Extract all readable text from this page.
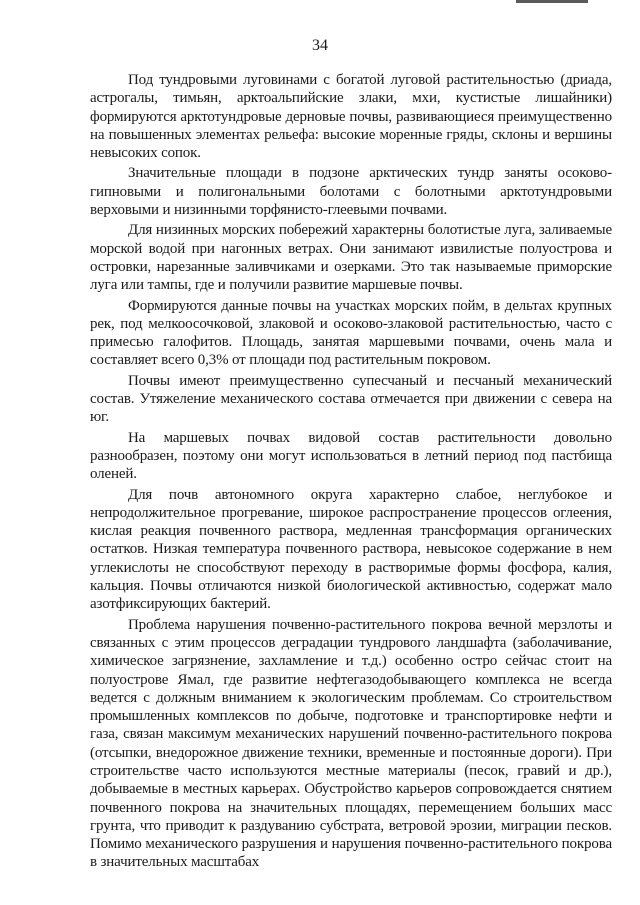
34

Под тундровыми луговинами с богатой луговой растительностью (дриада, астрогалы, тимьян, арктоальпийские злаки, мхи, кустистые лишайники) формируются арктотундровые дерновые почвы, развивающиеся преимущественно на повышенных элементах рельефа: высокие моренные гряды, склоны и вершины невысоких сопок.

Значительные площади в подзоне арктических тундр заняты осоково-гипновыми и полигональными болотами с болотными арктотундровыми верховыми и низинными торфянисто-глеевыми почвами.

Для низинных морских побережий характерны болотистые луга, заливаемые морской водой при нагонных ветрах. Они занимают извилистые полуострова и островки, нарезанные заливчиками и озерками. Это так называемые приморские луга или тампы, где и получили развитие маршевые почвы.

Формируются данные почвы на участках морских пойм, в дельтах крупных рек, под мелкоосочковой, злаковой и осоково-злаковой растительностью, часто с примесью галофитов. Площадь, занятая маршевыми почвами, очень мала и составляет всего 0,3% от площади под растительным покровом.

Почвы имеют преимущественно супесчаный и песчаный механический состав. Утяжеление механического состава отмечается при движении с севера на юг.

На маршевых почвах видовой состав растительности довольно разнообразен, поэтому они могут использоваться в летний период под пастбища оленей.

Для почв автономного округа характерно слабое, неглубокое и непродолжительное прогревание, широкое распространение процессов оглеения, кислая реакция почвенного раствора, медленная трансформация органических остатков. Низкая температура почвенного раствора, невысокое содержание в нем углекислоты не способствуют переходу в растворимые формы фосфора, калия, кальция. Почвы отличаются низкой биологической активностью, содержат мало азотфиксирующих бактерий.

Проблема нарушения почвенно-растительного покрова вечной мерзлоты и связанных с этим процессов деградации тундрового ландшафта (заболачивание, химическое загрязнение, захламление и т.д.) особенно остро сейчас стоит на полуострове Ямал, где развитие нефтегазодобывающего комплекса не всегда ведется с должным вниманием к экологическим проблемам. Со строительством промышленных комплексов по добыче, подготовке и транспортировке нефти и газа, связан максимум механических нарушений почвенно-растительного покрова (отсыпки, внедорожное движение техники, временные и постоянные дороги). При строительстве часто используются местные материалы (песок, гравий и др.), добываемые в местных карьерах. Обустройство карьеров сопровождается снятием почвенного покрова на значительных площадях, перемещением больших масс грунта, что приводит к раздуванию субстрата, ветровой эрозии, миграции песков. Помимо механического разрушения и нарушения почвенно-растительного покрова в значительных масштабах
